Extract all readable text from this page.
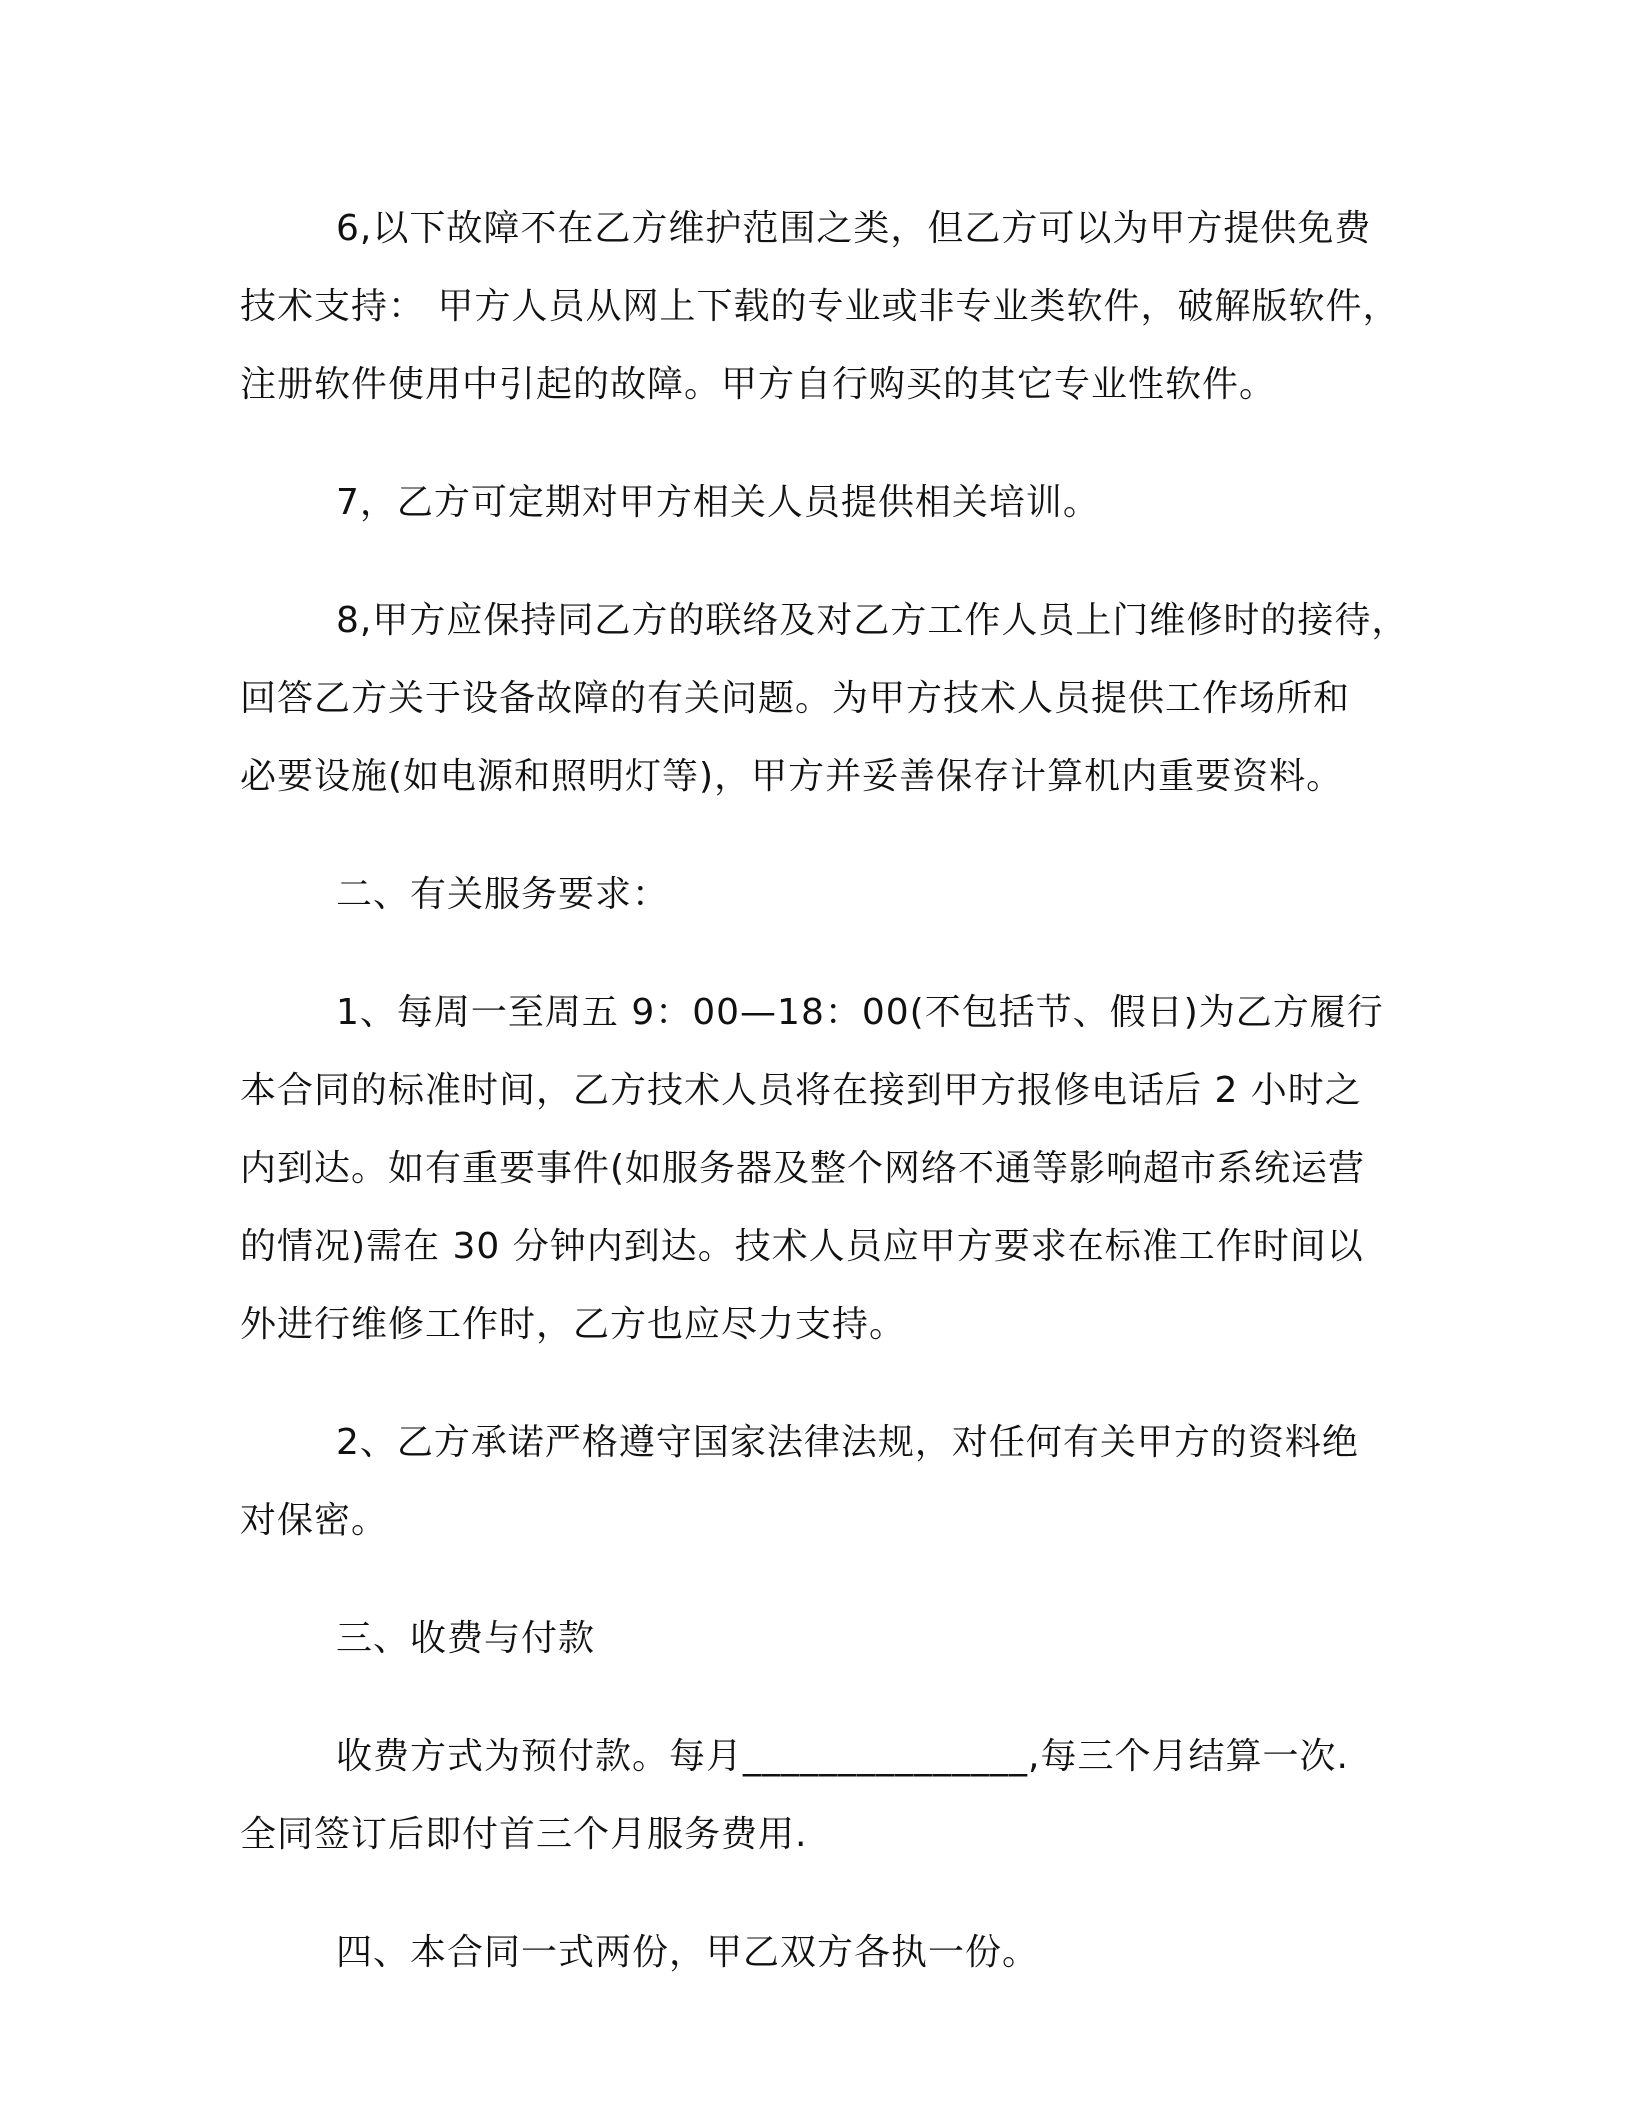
6,以下故障不在乙方维护范围之类，但乙方可以为甲方提供免费
技术支持： 甲方人员从网上下载的专业或非专业类软件，破解版软件，
注册软件使用中引起的故障。甲方自行购买的其它专业性软件。

7，乙方可定期对甲方相关人员提供相关培训。

8,甲方应保持同乙方的联络及对乙方工作人员上门维修时的接待，
回答乙方关于设备故障的有关问题。为甲方技术人员提供工作场所和
必要设施(如电源和照明灯等)，甲方并妥善保存计算机内重要资料。

二、有关服务要求：

1、每周一至周五 9：00—18：00(不包括节、假日)为乙方履行
本合同的标准时间，乙方技术人员将在接到甲方报修电话后 2 小时之
内到达。如有重要事件(如服务器及整个网络不通等影响超市系统运营
的情况)需在 30 分钟内到达。技术人员应甲方要求在标准工作时间以
外进行维修工作时，乙方也应尽力支持。

2、乙方承诺严格遵守国家法律法规，对任何有关甲方的资料绝
对保密。

三、收费与付款

收费方式为预付款。每月_______________,每三个月结算一次.
全同签订后即付首三个月服务费用.

四、本合同一式两份，甲乙双方各执一份。
